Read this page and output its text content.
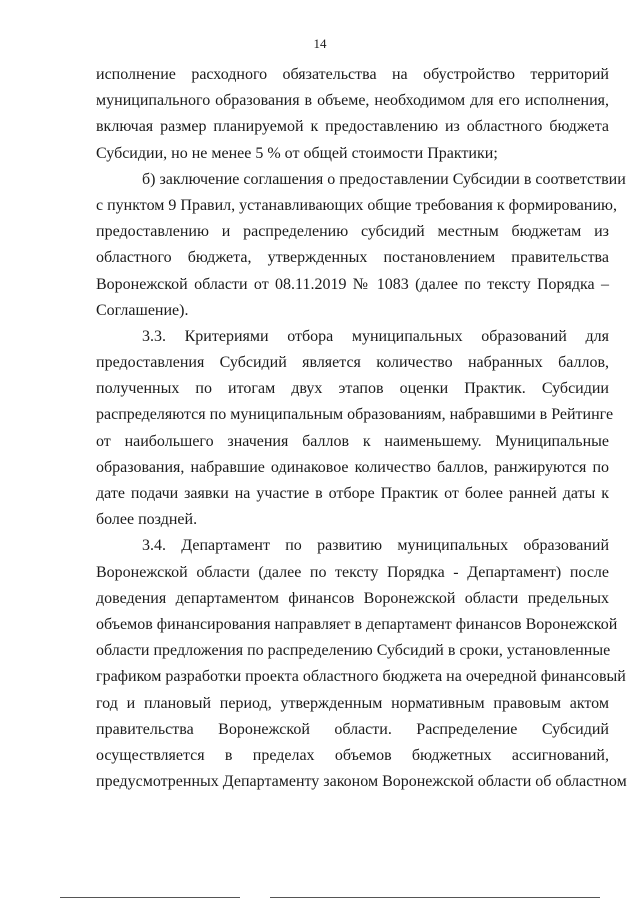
14
исполнение расходного обязательства на обустройство территорий
муниципального образования в объеме, необходимом для его исполнения,
включая размер планируемой к предоставлению из областного бюджета
Субсидии, но не менее 5 % от общей стоимости Практики;
б) заключение соглашения о предоставлении Субсидии в соответствии
с пунктом 9 Правил, устанавливающих общие требования к формированию,
предоставлению и распределению субсидий местным бюджетам из
областного бюджета, утвержденных постановлением правительства
Воронежской области от 08.11.2019 № 1083 (далее по тексту Порядка –
Соглашение).
3.3. Критериями отбора муниципальных образований для
предоставления Субсидий является количество набранных баллов,
полученных по итогам двух этапов оценки Практик. Субсидии
распределяются по муниципальным образованиям, набравшими в Рейтинге
от наибольшего значения баллов к наименьшему. Муниципальные
образования, набравшие одинаковое количество баллов, ранжируются по
дате подачи заявки на участие в отборе Практик от более ранней даты к
более поздней.
3.4. Департамент по развитию муниципальных образований
Воронежской области (далее по тексту Порядка - Департамент) после
доведения департаментом финансов Воронежской области предельных
объемов финансирования направляет в департамент финансов Воронежской
области предложения по распределению Субсидий в сроки, установленные
графиком разработки проекта областного бюджета на очередной финансовый
год и плановый период, утвержденным нормативным правовым актом
правительства Воронежской области. Распределение Субсидий
осуществляется в пределах объемов бюджетных ассигнований,
предусмотренных Департаменту законом Воронежской области об областном
